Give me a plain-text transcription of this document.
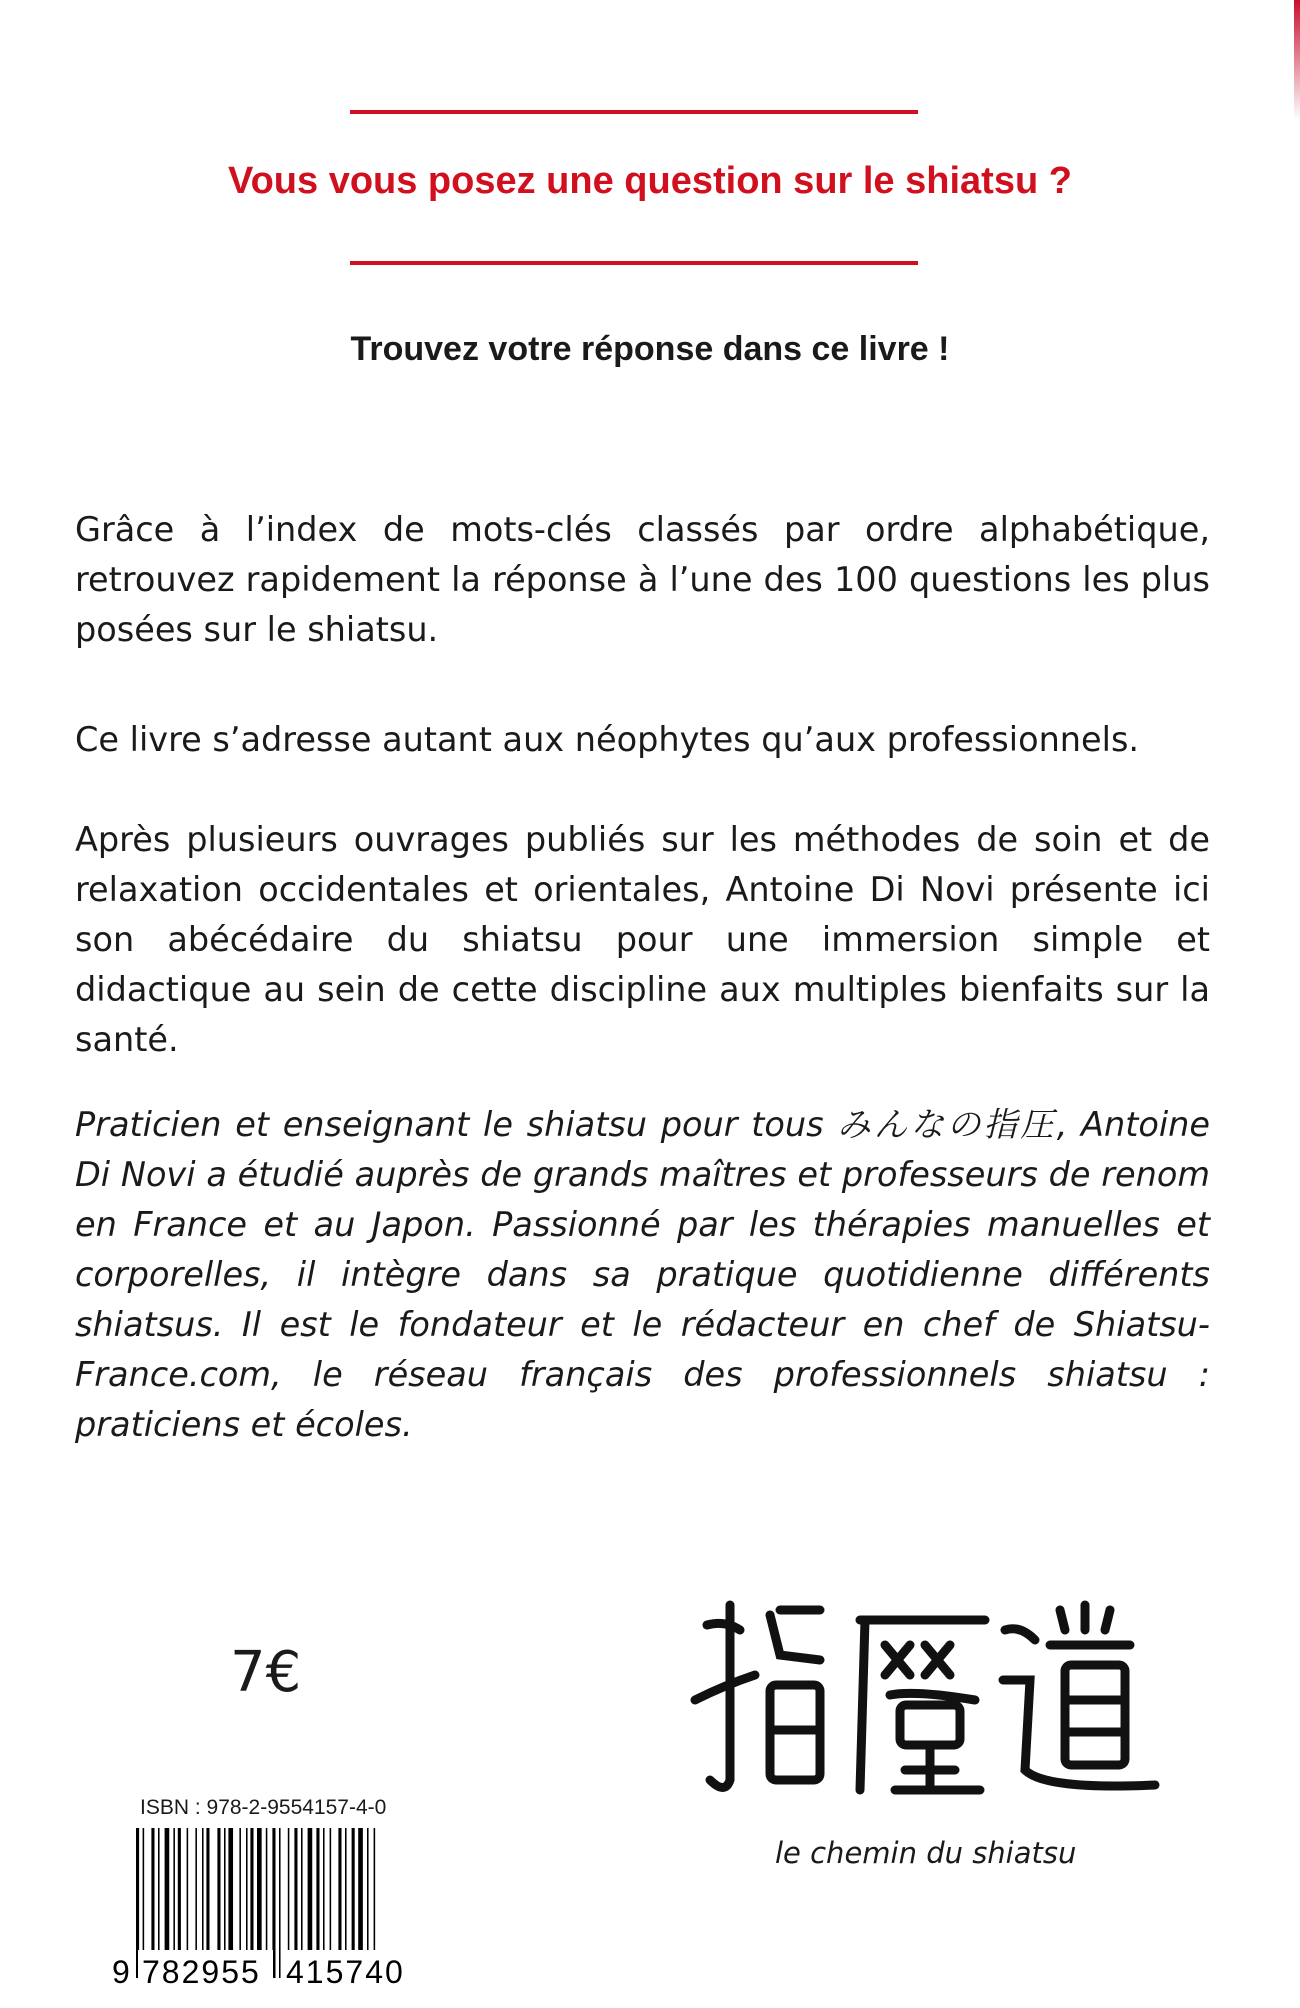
Vous vous posez une question sur le shiatsu ?
Trouvez votre réponse dans ce livre !

Grâce à l’index de mots-clés classés par ordre alphabétique, retrouvez rapidement la réponse à l’une des 100 questions les plus posées sur le shiatsu.

Ce livre s’adresse autant aux néophytes qu’aux professionnels.

Après plusieurs ouvrages publiés sur les méthodes de soin et de relaxation occidentales et orientales, Antoine Di Novi présente ici son abécédaire du shiatsu pour une immersion simple et didactique au sein de cette discipline aux multiples bienfaits sur la santé.

Praticien et enseignant le shiatsu pour tous みんなの指圧, Antoine Di Novi a étudié auprès de grands maîtres et professeurs de renom en France et au Japon. Passionné par les thérapies manuelles et corporelles, il intègre dans sa pratique quotidienne différents shiatsus. Il est le fondateur et le rédacteur en chef de Shiatsu-France.com, le réseau français des professionnels shiatsu : praticiens et écoles.

7€
ISBN : 978-2-9554157-4-0
9 782955 415740
le chemin du shiatsu
